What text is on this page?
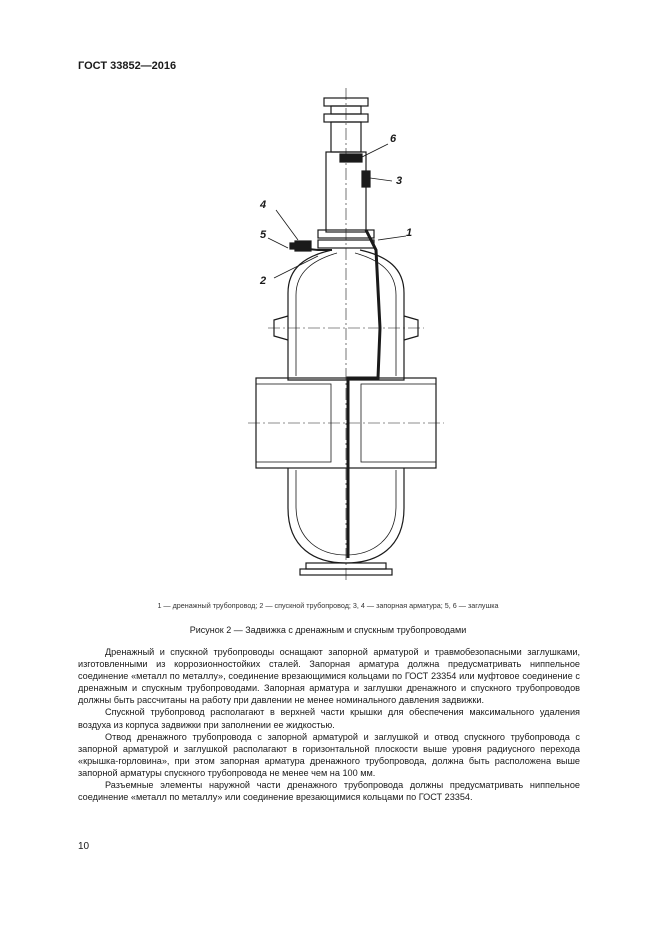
ГОСТ 33852—2016
1
2
3
4
5
6
1 — дренажный трубопровод; 2 — спускной трубопровод; 3, 4 — запорная арматура; 5, 6 — заглушка
Рисунок 2 — Задвижка с дренажным и спускным трубопроводами

Дренажный и спускной трубопроводы оснащают запорной арматурой и травмобезопасными заглушками, изготовленными из коррозионностойких сталей. Запорная арматура должна предусматривать ниппельное соединение «металл по металлу», соединение врезающимися кольцами по ГОСТ 23354 или муфтовое соединение с дренажным и спускным трубопроводами. Запорная арматура и заглушки дренажного и спускного трубопроводов должны быть рассчитаны на работу при давлении не менее номинального давления задвижки.

Спускной трубопровод располагают в верхней части крышки для обеспечения максимального удаления воздуха из корпуса задвижки при заполнении ее жидкостью.

Отвод дренажного трубопровода с запорной арматурой и заглушкой и отвод спускного трубопровода с запорной арматурой и заглушкой располагают в горизонтальной плоскости выше уровня радиусного перехода «крышка-горловина», при этом запорная арматура дренажного трубопровода, должна быть расположена выше запорной арматуры спускного трубопровода не менее чем на 100 мм.

Разъемные элементы наружной части дренажного трубопровода должны предусматривать ниппельное соединение «металл по металлу» или соединение врезающимися кольцами по ГОСТ 23354.

10
